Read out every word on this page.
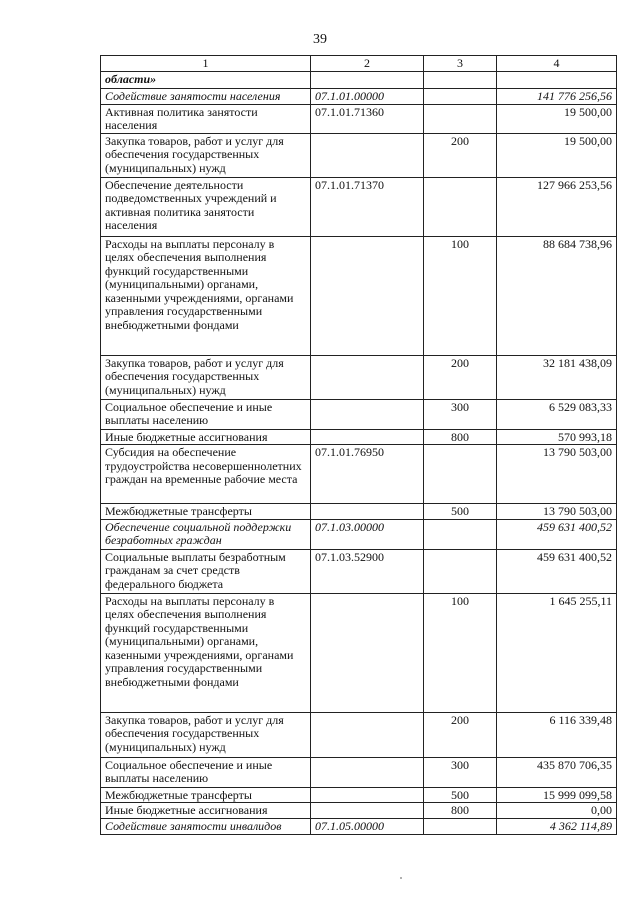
39
1	2	3	4
области»			
Содействие занятости населения	07.1.01.00000		141 776 256,56
Активная политика занятости населения	07.1.01.71360		19 500,00
Закупка товаров, работ и услуг для обеспечения государственных (муниципальных) нужд		200	19 500,00
Обеспечение деятельности подведомственных учреждений и активная политика занятости населения	07.1.01.71370		127 966 253,56
Расходы на выплаты персоналу в целях обеспечения выполнения функций государственными (муниципальными) органами, казенными учреждениями, органами управления государственными внебюджетными фондами		100	88 684 738,96
Закупка товаров, работ и услуг для обеспечения государственных (муниципальных) нужд		200	32 181 438,09
Социальное обеспечение и иные выплаты населению		300	6 529 083,33
Иные бюджетные ассигнования		800	570 993,18
Субсидия на обеспечение трудоустройства несовершеннолетних граждан на временные рабочие места	07.1.01.76950		13 790 503,00
Межбюджетные трансферты		500	13 790 503,00
Обеспечение социальной поддержки безработных граждан	07.1.03.00000		459 631 400,52
Социальные выплаты безработным гражданам за счет средств федерального бюджета	07.1.03.52900		459 631 400,52
Расходы на выплаты персоналу в целях обеспечения выполнения функций государственными (муниципальными) органами, казенными учреждениями, органами управления государственными внебюджетными фондами		100	1 645 255,11
Закупка товаров, работ и услуг для обеспечения государственных (муниципальных) нужд		200	6 116 339,48
Социальное обеспечение и иные выплаты населению		300	435 870 706,35
Межбюджетные трансферты		500	15 999 099,58
Иные бюджетные ассигнования		800	0,00
Содействие занятости инвалидов	07.1.05.00000		4 362 114,89
